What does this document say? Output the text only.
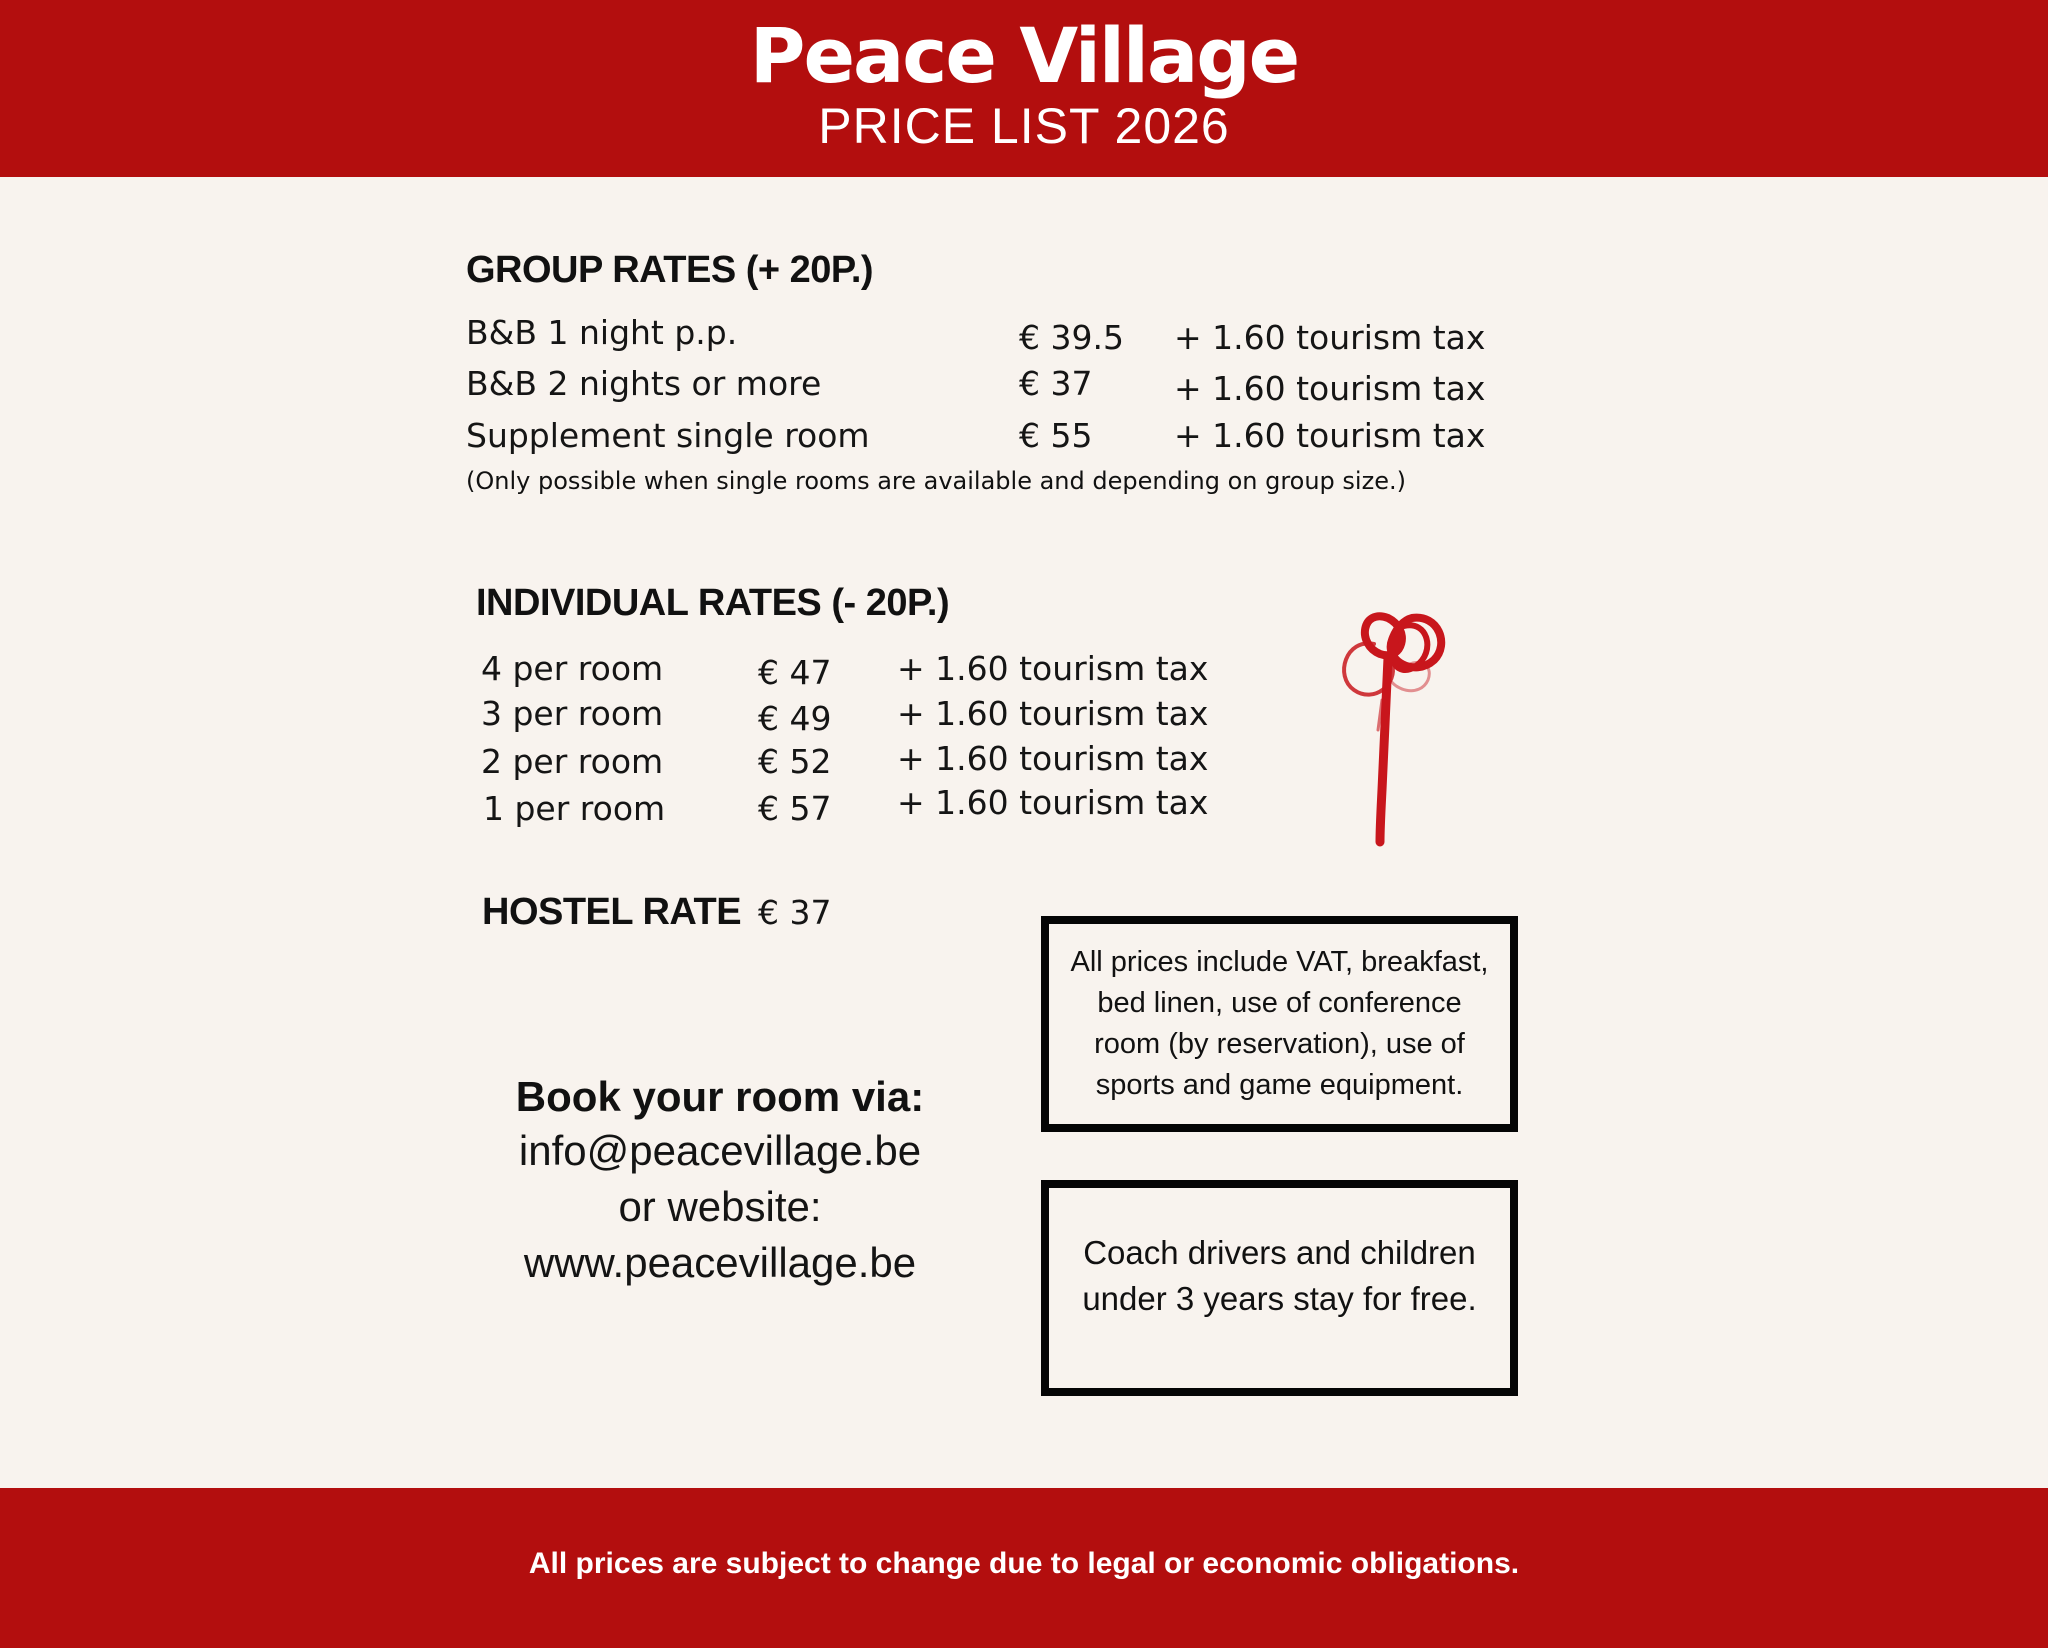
Peace Village
PRICE LIST 2026
GROUP RATES (+ 20P.)
B&B 1 night p.p.	€ 39.5 + 1.60 tourism tax
B&B 2 nights or more	€ 37 + 1.60 tourism tax
Supplement single room	€ 55 + 1.60 tourism tax
(Only possible when single rooms are available and depending on group size.)
INDIVIDUAL RATES (- 20P.)
4 per room	€ 47 + 1.60 tourism tax
3 per room	€ 49 + 1.60 tourism tax
2 per room	€ 52 + 1.60 tourism tax
1 per room	€ 57 + 1.60 tourism tax
HOSTEL RATE € 37
Book your room via:
info@peacevillage.be
or website:
www.peacevillage.be
All prices include VAT, breakfast,
bed linen, use of conference
room (by reservation), use of
sports and game equipment.
Coach drivers and children
under 3 years stay for free.
All prices are subject to change due to legal or economic obligations.
